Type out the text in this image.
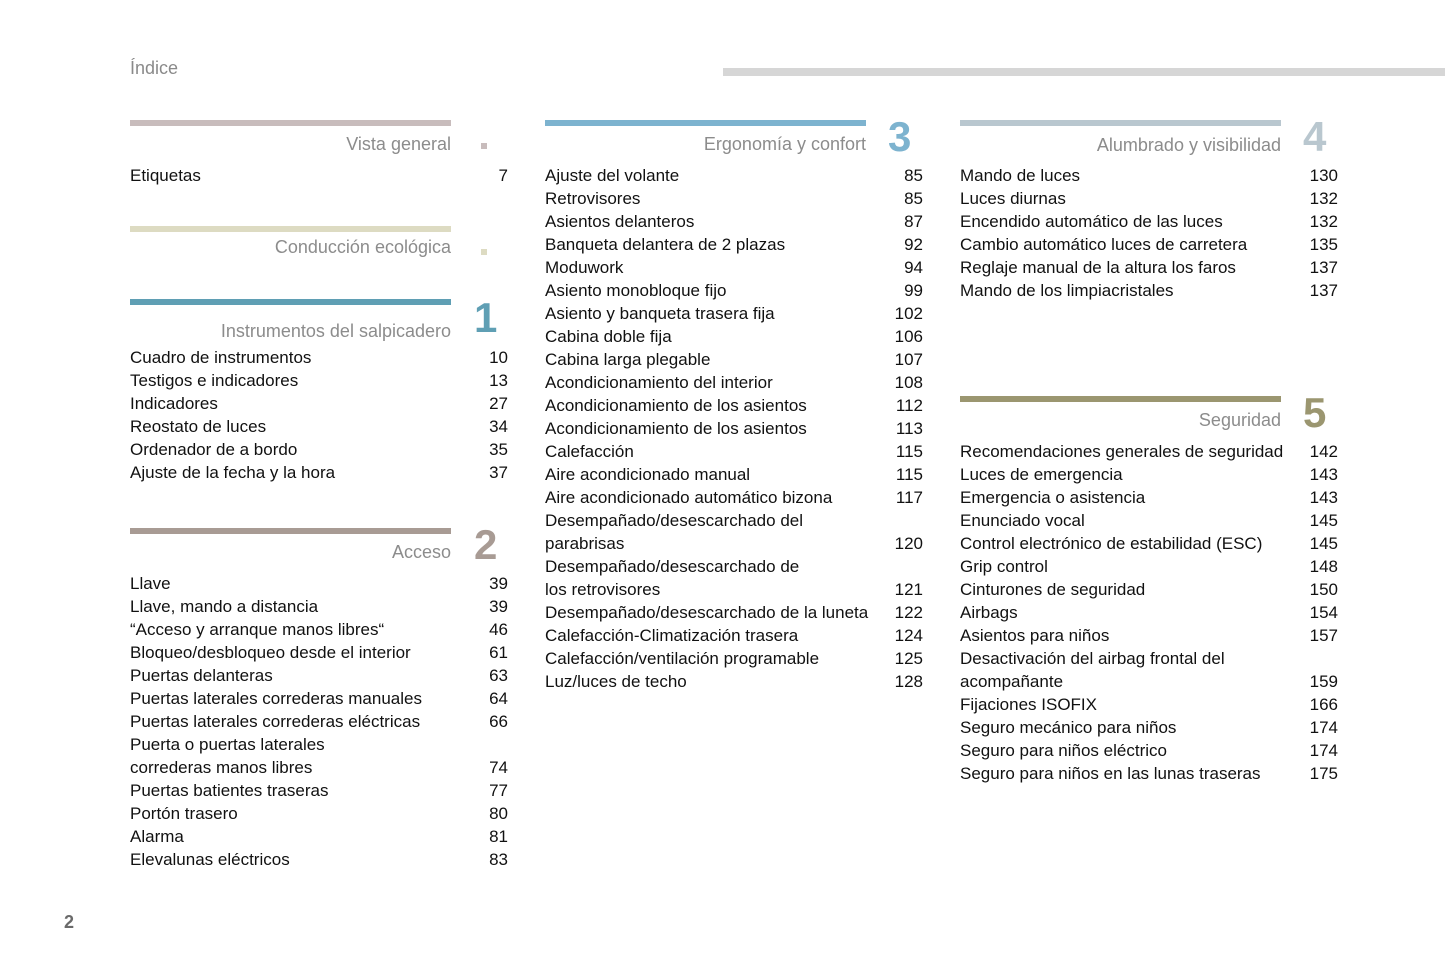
Índice
Vista general
Etiquetas	7
Conducción ecológica
Instrumentos del salpicadero 1
Cuadro de instrumentos	10
Testigos e indicadores	13
Indicadores	27
Reostato de luces	34
Ordenador de a bordo	35
Ajuste de la fecha y la hora	37
Acceso 2
Llave	39
Llave, mando a distancia	39
“Acceso y arranque manos libres“	46
Bloqueo/desbloqueo desde el interior	61
Puertas delanteras	63
Puertas laterales correderas manuales	64
Puertas laterales correderas eléctricas	66
Puerta o puertas laterales correderas manos libres	74
Puertas batientes traseras	77
Portón trasero	80
Alarma	81
Elevalunas eléctricos	83
Ergonomía y confort 3
Ajuste del volante	85
Retrovisores	85
Asientos delanteros	87
Banqueta delantera de 2 plazas	92
Moduwork	94
Asiento monobloque fijo	99
Asiento y banqueta trasera fija	102
Cabina doble fija	106
Cabina larga plegable	107
Acondicionamiento del interior	108
Acondicionamiento de los asientos	112
Acondicionamiento de los asientos	113
Calefacción	115
Aire acondicionado manual	115
Aire acondicionado automático bizona	117
Desempañado/desescarchado del parabrisas	120
Desempañado/desescarchado de los retrovisores	121
Desempañado/desescarchado de la luneta	122
Calefacción-Climatización trasera	124
Calefacción/ventilación programable	125
Luz/luces de techo	128
Alumbrado y visibilidad 4
Mando de luces	130
Luces diurnas	132
Encendido automático de las luces	132
Cambio automático luces de carretera	135
Reglaje manual de la altura los faros	137
Mando de los limpiacristales	137
Seguridad 5
Recomendaciones generales de seguridad	142
Luces de emergencia	143
Emergencia o asistencia	143
Enunciado vocal	145
Control electrónico de estabilidad (ESC)	145
Grip control	148
Cinturones de seguridad	150
Airbags	154
Asientos para niños	157
Desactivación del airbag frontal del acompañante	159
Fijaciones ISOFIX	166
Seguro mecánico para niños	174
Seguro para niños eléctrico	174
Seguro para niños en las lunas traseras	175
2
